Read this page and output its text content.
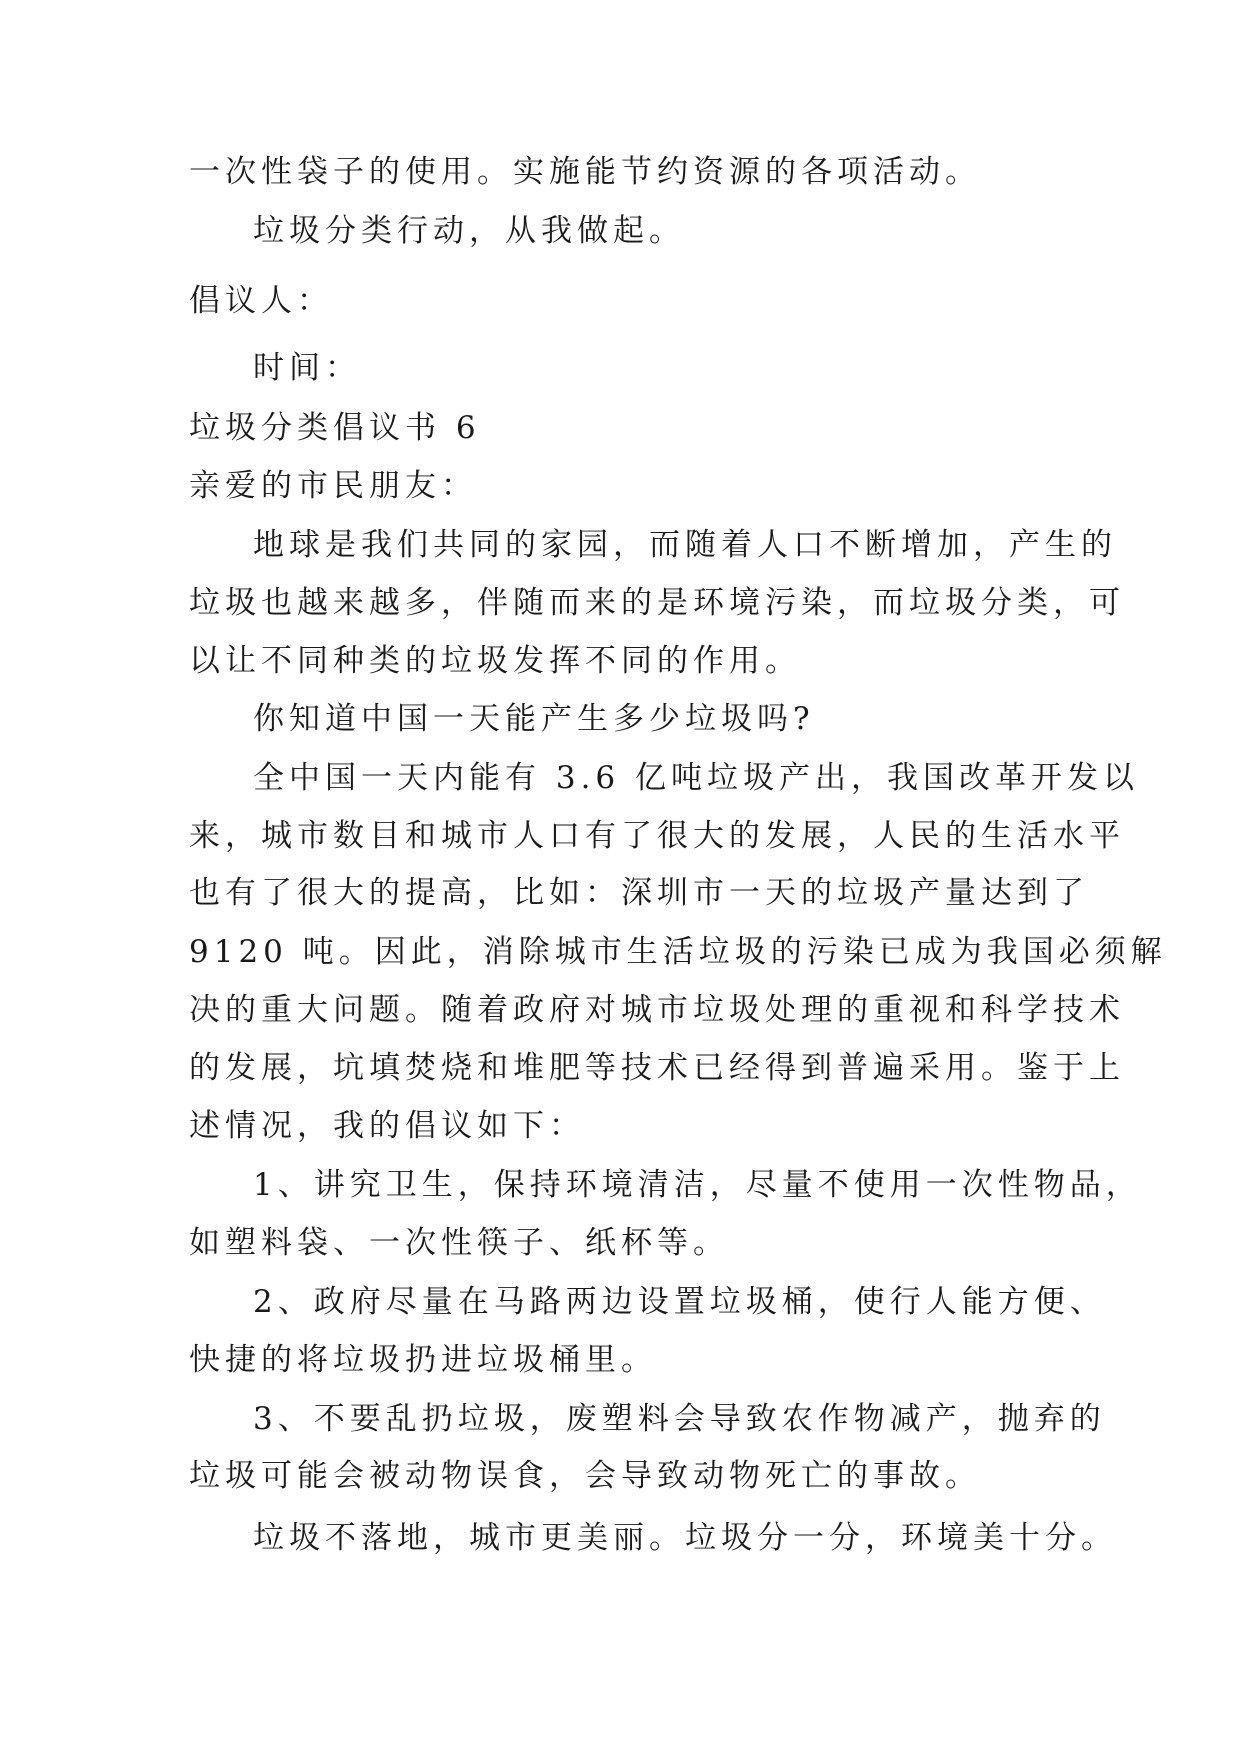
一次性袋子的使用。实施能节约资源的各项活动。
垃圾分类行动，从我做起。
倡议人：
时间：
垃圾分类倡议书 6
亲爱的市民朋友：
地球是我们共同的家园，而随着人口不断增加，产生的
垃圾也越来越多，伴随而来的是环境污染，而垃圾分类，可
以让不同种类的垃圾发挥不同的作用。
你知道中国一天能产生多少垃圾吗?
全中国一天内能有 3.6 亿吨垃圾产出，我国改革开发以
来，城市数目和城市人口有了很大的发展，人民的生活水平
也有了很大的提高，比如：深圳市一天的垃圾产量达到了
9120 吨。因此，消除城市生活垃圾的污染已成为我国必须解
决的重大问题。随着政府对城市垃圾处理的重视和科学技术
的发展，坑填焚烧和堆肥等技术已经得到普遍采用。鉴于上
述情况，我的倡议如下：
1、讲究卫生，保持环境清洁，尽量不使用一次性物品，
如塑料袋、一次性筷子、纸杯等。
2、政府尽量在马路两边设置垃圾桶，使行人能方便、
快捷的将垃圾扔进垃圾桶里。
3、不要乱扔垃圾，废塑料会导致农作物减产，抛弃的
垃圾可能会被动物误食，会导致动物死亡的事故。
垃圾不落地，城市更美丽。垃圾分一分，环境美十分。
